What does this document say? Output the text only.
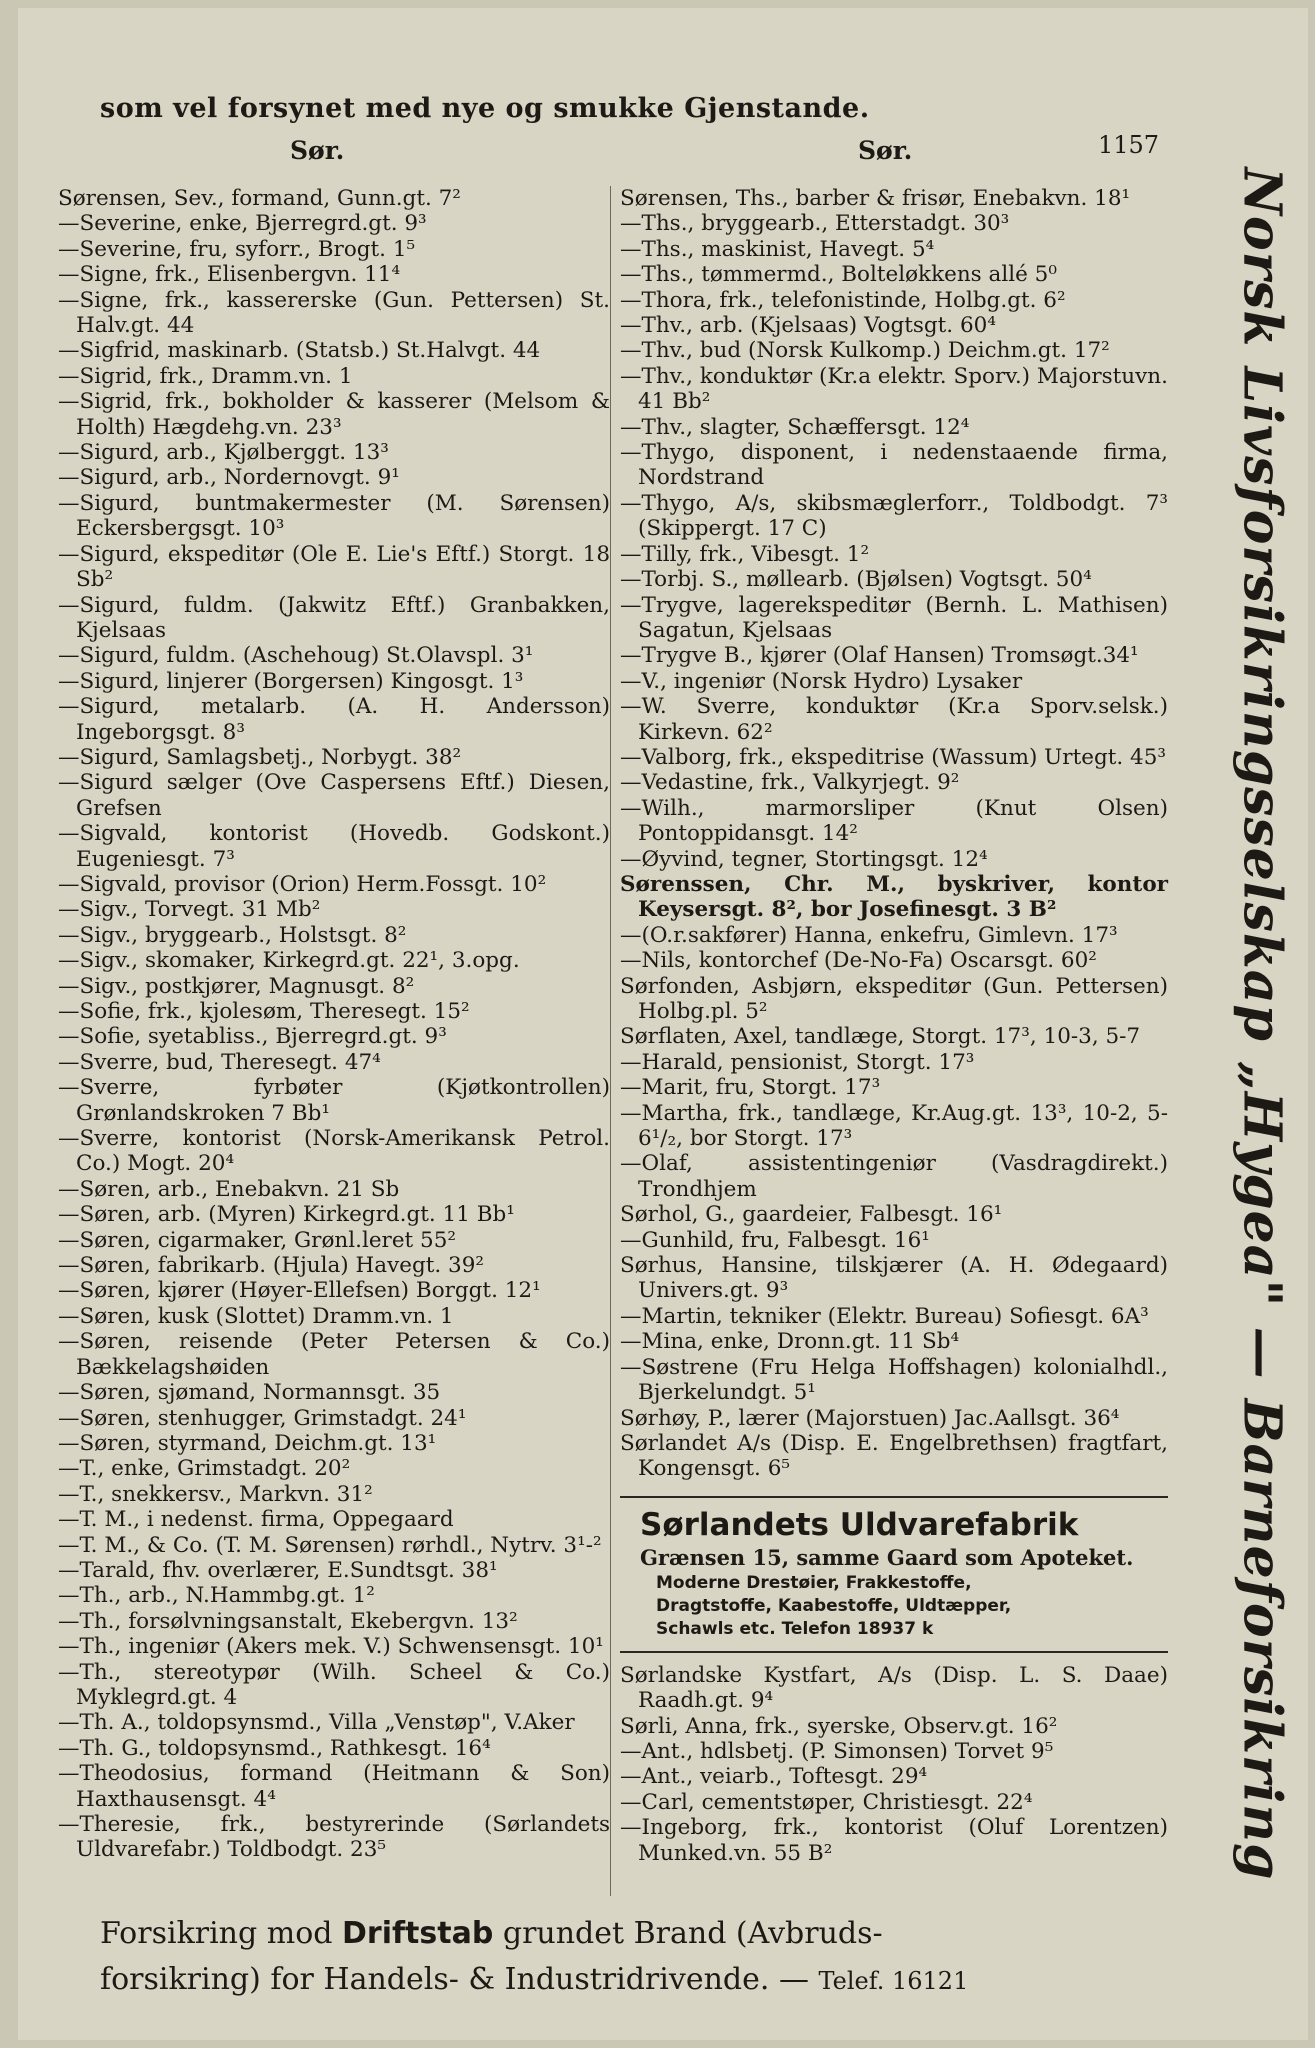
som vel forsynet med nye og smukke Gjenstande.
Sør.	Sør.	1157
Sørensen, Sev., formand, Gunn.gt. 7²
—Severine, enke, Bjerregrd.gt. 9³
—Severine, fru, syforr., Brogt. 1⁵
—Signe, frk., Elisenbergvn. 11⁴
—Signe, frk., kassererske (Gun. Pettersen) St. Halv.gt. 44
—Sigfrid, maskinarb. (Statsb.) St.Halvgt. 44
—Sigrid, frk., Dramm.vn. 1
—Sigrid, frk., bokholder & kasserer (Melsom & Holth) Hægdehg.vn. 23³
—Sigurd, arb., Kjølberggt. 13³
—Sigurd, arb., Nordernovgt. 9¹
—Sigurd, buntmakermester (M. Sørensen) Eckersbergsgt. 10³
—Sigurd, ekspeditør (Ole E. Lie's Eftf.) Storgt. 18 Sb²
—Sigurd, fuldm. (Jakwitz Eftf.) Granbakken, Kjelsaas
—Sigurd, fuldm. (Aschehoug) St.Olavspl. 3¹
—Sigurd, linjerer (Borgersen) Kingosgt. 1³
—Sigurd, metalarb. (A. H. Andersson) Ingeborgsgt. 8³
—Sigurd, Samlagsbetj., Norbygt. 38²
—Sigurd sælger (Ove Caspersens Eftf.) Diesen, Grefsen
—Sigvald, kontorist (Hovedb. Godskont.) Eugeniesgt. 7³
—Sigvald, provisor (Orion) Herm.Fossgt. 10²
—Sigv., Torvegt. 31 Mb²
—Sigv., bryggearb., Holstsgt. 8²
—Sigv., skomaker, Kirkegrd.gt. 22¹, 3.opg.
—Sigv., postkjører, Magnusgt. 8²
—Sofie, frk., kjolesøm, Theresegt. 15²
—Sofie, syetabliss., Bjerregrd.gt. 9³
—Sverre, bud, Theresegt. 47⁴
—Sverre, fyrbøter (Kjøtkontrollen) Grønlandskroken 7 Bb¹
—Sverre, kontorist (Norsk-Amerikansk Petrol. Co.) Mogt. 20⁴
—Søren, arb., Enebakvn. 21 Sb
—Søren, arb. (Myren) Kirkegrd.gt. 11 Bb¹
—Søren, cigarmaker, Grønl.leret 55²
—Søren, fabrikarb. (Hjula) Havegt. 39²
—Søren, kjører (Høyer-Ellefsen) Borggt. 12¹
—Søren, kusk (Slottet) Dramm.vn. 1
—Søren, reisende (Peter Petersen & Co.) Bækkelagshøiden
—Søren, sjømand, Normannsgt. 35
—Søren, stenhugger, Grimstadgt. 24¹
—Søren, styrmand, Deichm.gt. 13¹
—T., enke, Grimstadgt. 20²
—T., snekkersv., Markvn. 31²
—T. M., i nedenst. firma, Oppegaard
—T. M., & Co. (T. M. Sørensen) rørhdl., Nytrv. 3¹-²
—Tarald, fhv. overlærer, E.Sundtsgt. 38¹
—Th., arb., N.Hammbg.gt. 1²
—Th., forsølvningsanstalt, Ekebergvn. 13²
—Th., ingeniør (Akers mek. V.) Schwensensgt. 10¹
—Th., stereotypør (Wilh. Scheel & Co.) Myklegrd.gt. 4
—Th. A., toldopsynsmd., Villa „Venstøp", V.Aker
—Th. G., toldopsynsmd., Rathkesgt. 16⁴
—Theodosius, formand (Heitmann & Son) Haxthausensgt. 4⁴
—Theresie, frk., bestyrerinde (Sørlandets Uldvarefabr.) Toldbodgt. 23⁵
Sørensen, Ths., barber & frisør, Enebakvn. 18¹
—Ths., bryggearb., Etterstadgt. 30³
—Ths., maskinist, Havegt. 5⁴
—Ths., tømmermd., Bolteløkkens allé 5⁰
—Thora, frk., telefonistinde, Holbg.gt. 6²
—Thv., arb. (Kjelsaas) Vogtsgt. 60⁴
—Thv., bud (Norsk Kulkomp.) Deichm.gt. 17²
—Thv., konduktør (Kr.a elektr. Sporv.) Majorstuvn. 41 Bb²
—Thv., slagter, Schæffersgt. 12⁴
—Thygo, disponent, i nedenstaaende firma, Nordstrand
—Thygo, A/s, skibsmæglerforr., Toldbodgt. 7³ (Skippergt. 17 C)
—Tilly, frk., Vibesgt. 1²
—Torbj. S., møllearb. (Bjølsen) Vogtsgt. 50⁴
—Trygve, lagerekspeditør (Bernh. L. Mathisen) Sagatun, Kjelsaas
—Trygve B., kjører (Olaf Hansen) Tromsøgt.34¹
—V., ingeniør (Norsk Hydro) Lysaker
—W. Sverre, konduktør (Kr.a Sporv.selsk.) Kirkevn. 62²
—Valborg, frk., ekspeditrise (Wassum) Urtegt. 45³
—Vedastine, frk., Valkyrjegt. 9²
—Wilh., marmorsliper (Knut Olsen) Pontoppidansgt. 14²
—Øyvind, tegner, Stortingsgt. 12⁴
Sørenssen, Chr. M., byskriver, kontor Keysersgt. 8², bor Josefinesgt. 3 B²
—(O.r.sakfører) Hanna, enkefru, Gimlevn. 17³
—Nils, kontorchef (De-No-Fa) Oscarsgt. 60²
Sørfonden, Asbjørn, ekspeditør (Gun. Pettersen) Holbg.pl. 5²
Sørflaten, Axel, tandlæge, Storgt. 17³, 10-3, 5-7
—Harald, pensionist, Storgt. 17³
—Marit, fru, Storgt. 17³
—Martha, frk., tandlæge, Kr.Aug.gt. 13³, 10-2, 5-6¹/₂, bor Storgt. 17³
—Olaf, assistentingeniør (Vasdragdirekt.) Trondhjem
Sørhol, G., gaardeier, Falbesgt. 16¹
—Gunhild, fru, Falbesgt. 16¹
Sørhus, Hansine, tilskjærer (A. H. Ødegaard) Univers.gt. 9³
—Martin, tekniker (Elektr. Bureau) Sofiesgt. 6A³
—Mina, enke, Dronn.gt. 11 Sb⁴
—Søstrene (Fru Helga Hoffshagen) kolonialhdl., Bjerkelundgt. 5¹
Sørhøy, P., lærer (Majorstuen) Jac.Aallsgt. 36⁴
Sørlandet A/s (Disp. E. Engelbrethsen) fragtfart, Kongensgt. 6⁵
Sørlandets Uldvarefabrik
Grænsen 15, samme Gaard som Apoteket.
Moderne Drestøier, Frakkestoffe,
Dragtstoffe, Kaabestoffe, Uldtæpper,
Schawls etc. Telefon 18937 k
Sørlandske Kystfart, A/s (Disp. L. S. Daae) Raadh.gt. 9⁴
Sørli, Anna, frk., syerske, Observ.gt. 16²
—Ant., hdlsbetj. (P. Simonsen) Torvet 9⁵
—Ant., veiarb., Toftesgt. 29⁴
—Carl, cementstøper, Christiesgt. 22⁴
—Ingeborg, frk., kontorist (Oluf Lorentzen) Munked.vn. 55 B²	Norsk Livsforsikringsselskap „Hygea" — Barneforsikring
Forsikring mod Driftstab grundet Brand (Avbruds-
forsikring) for Handels- & Industridrivende. — Telef. 16121
